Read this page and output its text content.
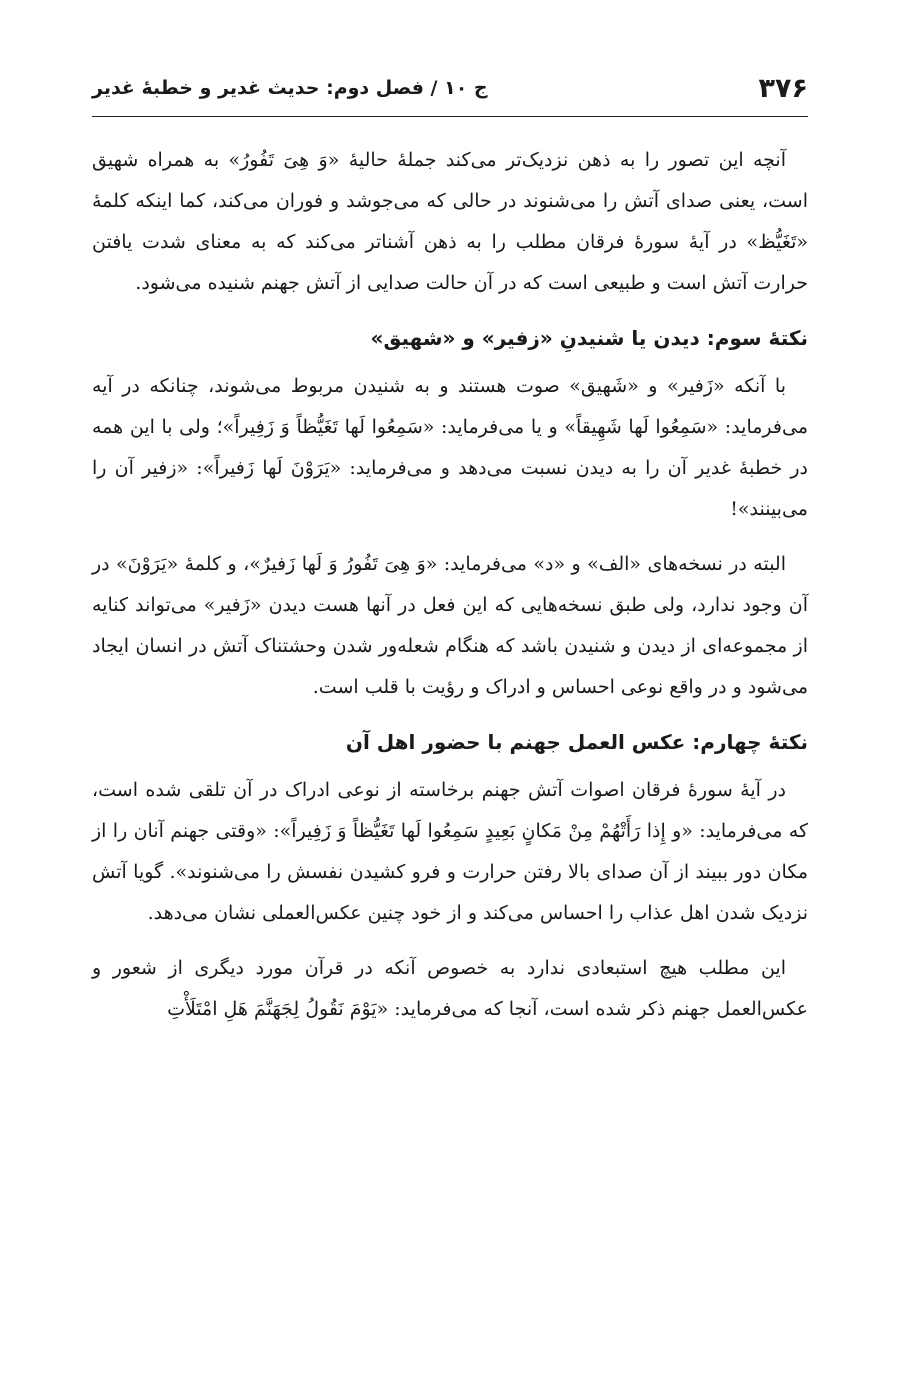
۳۷۶
ج ۱۰ / فصل دوم: حدیث غدیر و خطبهٔ غدیر

آنچه این تصور را به ذهن نزدیک‌تر می‌کند جملهٔ حالیهٔ «وَ هِیَ تَفُورُ» به همراه شهیق است، یعنی صدای آتش را می‌شنوند در حالی که می‌جوشد و فوران می‌کند، کما اینکه کلمهٔ «تَغَیُّظ» در آیهٔ سورهٔ فرقان مطلب را به ذهن آشناتر می‌کند که به معنای شدت یافتن حرارت آتش است و طبیعی است که در آن حالت صدایی از آتش جهنم شنیده می‌شود.

نکتهٔ سوم: دیدن یا شنیدنِ «زفیر» و «شهیق»

با آنکه «زَفیر» و «شَهیق» صوت هستند و به شنیدن مربوط می‌شوند، چنانکه در آیه می‌فرماید: «سَمِعُوا لَها شَهِیقاً» و یا می‌فرماید: «سَمِعُوا لَها تَغَیُّظاً وَ زَفِیراً»؛ ولی با این همه در خطبهٔ غدیر آن را به دیدن نسبت می‌دهد و می‌فرماید: «یَرَوْنَ لَها زَفیراً»: «زفیر آن را می‌بینند»!

البته در نسخه‌های «الف» و «د» می‌فرماید: «وَ هِیَ تَفُورُ وَ لَها زَفیرٌ»، و کلمهٔ «یَرَوْنَ» در آن وجود ندارد، ولی طبق نسخه‌هایی که این فعل در آنها هست دیدن «زَفیر» می‌تواند کنایه از مجموعه‌ای از دیدن و شنیدن باشد که هنگام شعله‌ور شدن وحشتناک آتش در انسان ایجاد می‌شود و در واقع نوعی احساس و ادراک و رؤیت با قلب است.

نکتهٔ چهارم: عکس العمل جهنم با حضور اهل آن

در آیهٔ سورهٔ فرقان اصوات آتش جهنم برخاسته از نوعی ادراک در آن تلقی شده است، که می‌فرماید: «و إِذا رَأَتْهُمْ مِنْ مَکانٍ بَعِیدٍ سَمِعُوا لَها تَغَیُّظاً وَ زَفِیراً»: «وقتی جهنم آنان را از مکان دور ببیند از آن صدای بالا رفتن حرارت و فرو کشیدن نفسش را می‌شنوند». گویا آتش نزدیک شدن اهل عذاب را احساس می‌کند و از خود چنین عکس‌العملی نشان می‌دهد.

این مطلب هیچ استبعادی ندارد به خصوص آنکه در قرآن مورد دیگری از شعور و عکس‌العمل جهنم ذکر شده است، آنجا که می‌فرماید: «یَوْمَ نَقُولُ لِجَهَنَّمَ هَلِ امْتَلَأْتِ
